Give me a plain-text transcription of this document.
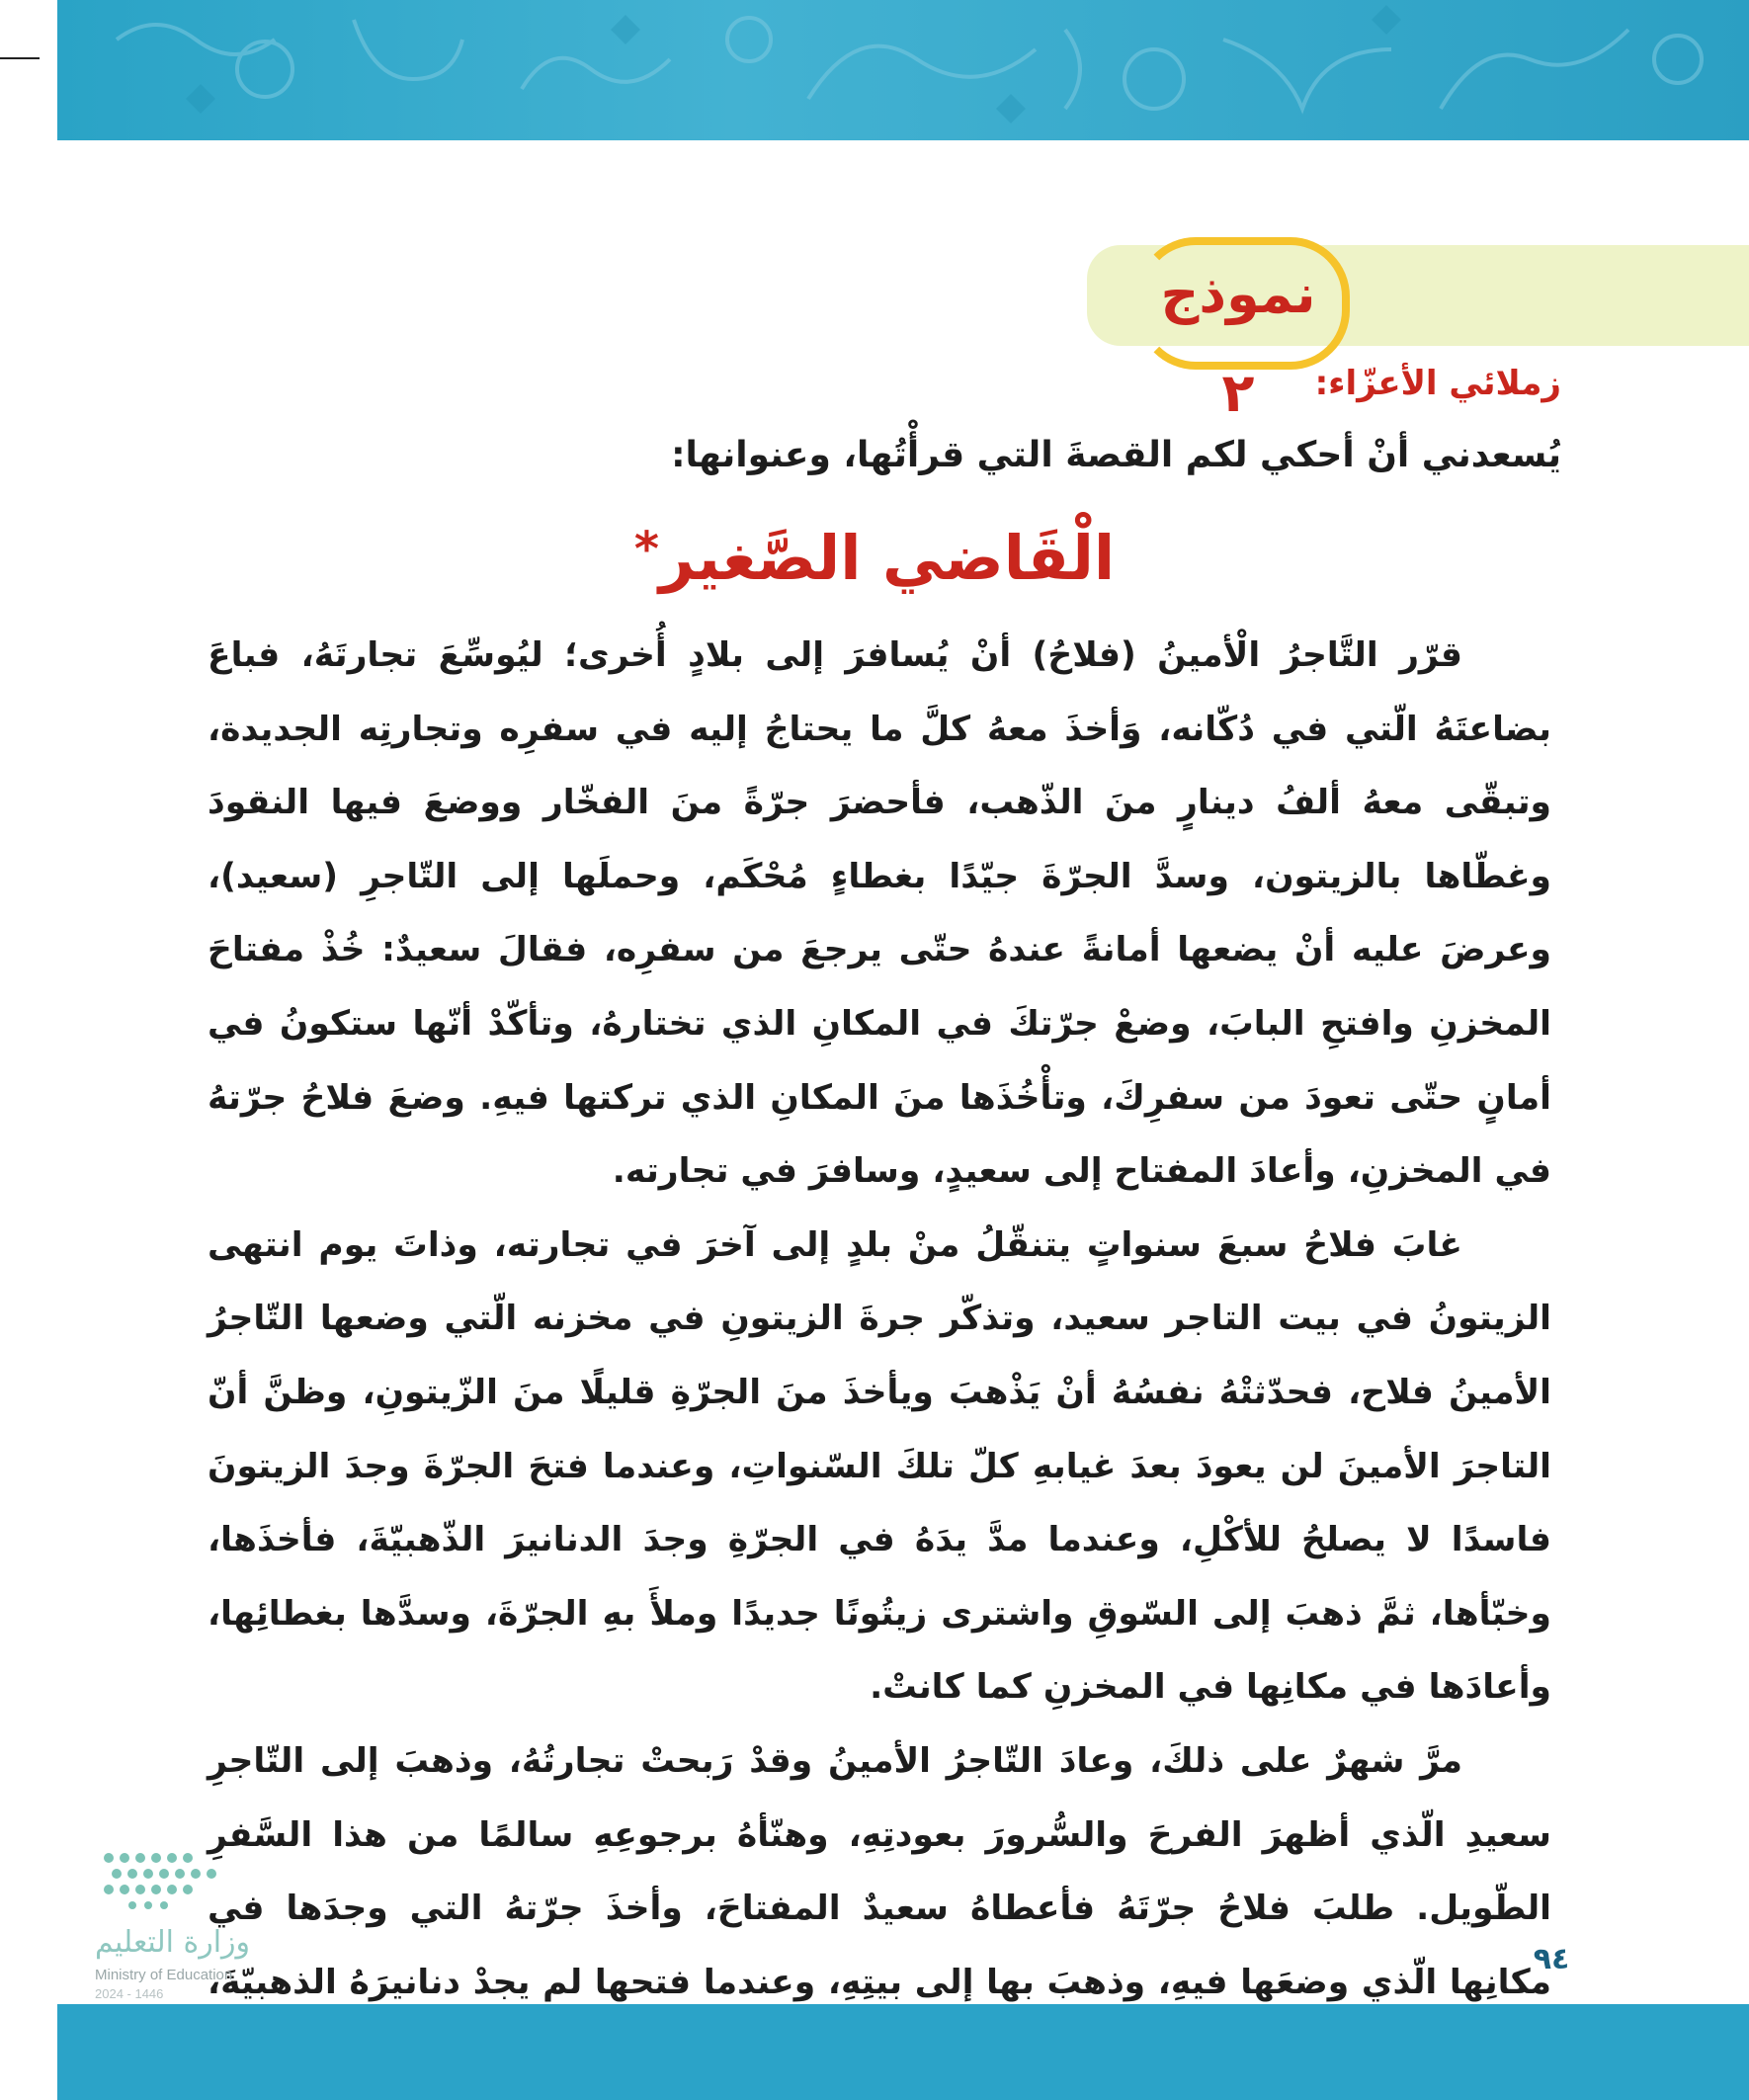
نموذج ٢	زملائي الأعزّاء:
يُسعدني أنْ أحكي لكم القصةَ التي قرأْتُها، وعنوانها:
الْقَاضي الصَّغير*

قرّر التَّاجرُ الْأمينُ (فلاحُ) أنْ يُسافرَ إلى بلادٍ أُخرى؛ ليُوسِّعَ تجارتَهُ، فباعَ بضاعتَهُ الّتي في دُكّانه، وَأخذَ معهُ كلَّ ما يحتاجُ إليه في سفرِه وتجارتِه الجديدة، وتبقّى معهُ ألفُ دينارٍ منَ الذّهب، فأحضرَ جرّةً منَ الفخّار ووضعَ فيها النقودَ وغطّاها بالزيتون، وسدَّ الجرّةَ جيّدًا بغطاءٍ مُحْكَم، وحملَها إلى التّاجرِ (سعيد)، وعرضَ عليه أنْ يضعها أمانةً عندهُ حتّى يرجعَ من سفرِه، فقالَ سعيدٌ: خُذْ مفتاحَ المخزنِ وافتحِ البابَ، وضعْ جرّتكَ في المكانِ الذي تختارهُ، وتأكّدْ أنّها ستكونُ في أمانٍ حتّى تعودَ من سفرِكَ، وتأْخُذَها منَ المكانِ الذي تركتها فيهِ. وضعَ فلاحُ جرّتهُ في المخزنِ، وأعادَ المفتاح إلى سعيدٍ، وسافرَ في تجارته.

غابَ فلاحُ سبعَ سنواتٍ يتنقّلُ منْ بلدٍ إلى آخرَ في تجارته، وذاتَ يوم انتهى الزيتونُ في بيت التاجر سعيد، وتذكّر جرةَ الزيتونِ في مخزنه الّتي وضعها التّاجرُ الأمينُ فلاح، فحدّثتْهُ نفسُهُ أنْ يَذْهبَ ويأخذَ منَ الجرّةِ قليلًا منَ الزّيتونِ، وظنَّ أنّ التاجرَ الأمينَ لن يعودَ بعدَ غيابهِ كلّ تلكَ السّنواتِ، وعندما فتحَ الجرّةَ وجدَ الزيتونَ فاسدًا لا يصلحُ للأكْلِ، وعندما مدَّ يدَهُ في الجرّةِ وجدَ الدنانيرَ الذّهبيّةَ، فأخذَها، وخبّأها، ثمَّ ذهبَ إلى السّوقِ واشترى زيتُونًا جديدًا وملأَ بهِ الجرّةَ، وسدَّها بغطائِها، وأعادَها في مكانِها في المخزنِ كما كانتْ.

مرَّ شهرٌ على ذلكَ، وعادَ التّاجرُ الأمينُ وقدْ رَبحتْ تجارتُهُ، وذهبَ إلى التّاجرِ سعيدِ الّذي أظهرَ الفرحَ والسُّرورَ بعودتِهِ، وهنّأهُ برجوعِهِ سالمًا من هذا السَّفرِ الطّويل. طلبَ فلاحُ جرّتَهُ فأعطاهُ سعيدٌ المفتاحَ، وأخذَ جرّتهُ التي وجدَها في مكانِها الّذي وضعَها فيهِ، وذهبَ بها إلى بيتِهِ، وعندما فتحها لم يجدْ دنانيرَهُ الذهبيّةَ،

وزارة التعليم
Ministry of Education
2024 - 1446
٩٤
